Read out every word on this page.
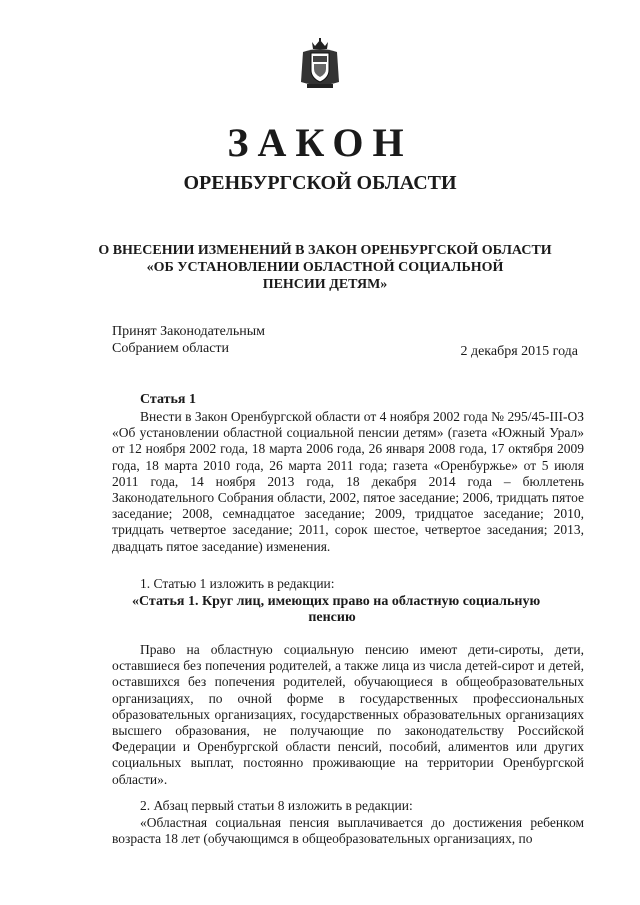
ЗАКОН
ОРЕНБУРГСКОЙ ОБЛАСТИ
О ВНЕСЕНИИ ИЗМЕНЕНИЙ В ЗАКОН ОРЕНБУРГСКОЙ ОБЛАСТИ
«ОБ УСТАНОВЛЕНИИ ОБЛАСТНОЙ СОЦИАЛЬНОЙ
ПЕНСИИ ДЕТЯМ»
Принят Законодательным
Собранием области	2 декабря 2015 года
Статья 1

Внести в Закон Оренбургской области от 4 ноября 2002 года № 295/45-III-ОЗ «Об установлении областной социальной пенсии детям» (газета «Южный Урал» от 12 ноября 2002 года, 18 марта 2006 года, 26 января 2008 года, 17 октября 2009 года, 18 марта 2010 года, 26 марта 2011 года; газета «Оренбуржье» от 5 июля 2011 года, 14 ноября 2013 года, 18 декабря 2014 года – бюллетень Законодательного Собрания области, 2002, пятое заседание; 2006, тридцать пятое заседание; 2008, семнадцатое заседание; 2009, тридцатое заседание; 2010, тридцать четвертое заседание; 2011, сорок шестое, четвертое заседания; 2013, двадцать пятое заседание) изменения.

1. Статью 1 изложить в редакции:
«Статья 1. Круг лиц, имеющих право на областную социальную
пенсию

Право на областную социальную пенсию имеют дети-сироты, дети, оставшиеся без попечения родителей, а также лица из числа детей-сирот и детей, оставшихся без попечения родителей, обучающиеся в общеобразовательных организациях, по очной форме в государственных профессиональных образовательных организациях, государственных образовательных организациях высшего образования, не получающие по законодательству Российской Федерации и Оренбургской области пенсий, пособий, алиментов или других социальных выплат, постоянно проживающие на территории Оренбургской области».

2. Абзац первый статьи 8 изложить в редакции:

«Областная социальная пенсия выплачивается до достижения ребенком возраста 18 лет (обучающимся в общеобразовательных организациях, по
